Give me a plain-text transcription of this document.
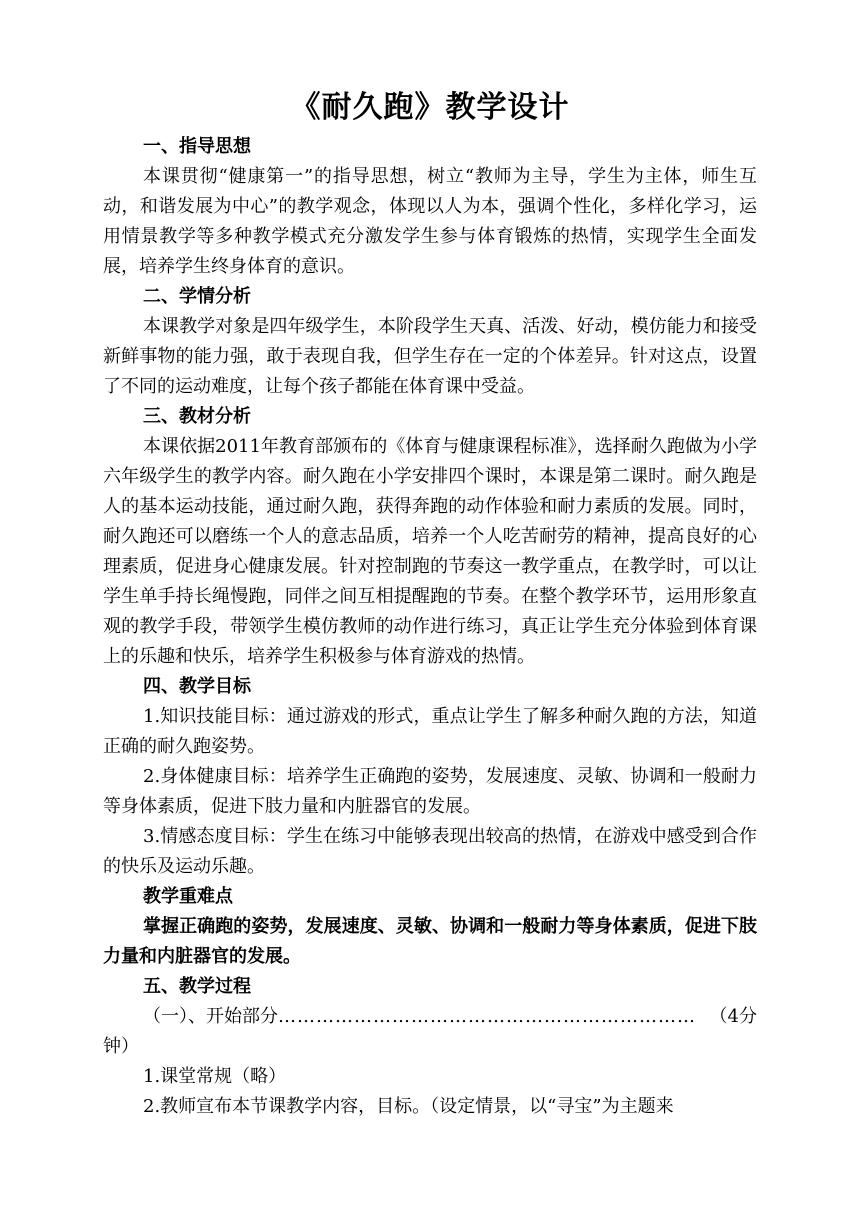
《耐久跑》教学设计
一、指导思想

本课贯彻“健康第一”的指导思想，树立“教师为主导，学生为主体，师生互动，和谐发展为中心”的教学观念，体现以人为本，强调个性化，多样化学习，运用情景教学等多种教学模式充分激发学生参与体育锻炼的热情，实现学生全面发展，培养学生终身体育的意识。

二、学情分析

本课教学对象是四年级学生，本阶段学生天真、活泼、好动，模仿能力和接受新鲜事物的能力强，敢于表现自我，但学生存在一定的个体差异。针对这点，设置了不同的运动难度，让每个孩子都能在体育课中受益。

三、教材分析

本课依据2011年教育部颁布的《体育与健康课程标准》，选择耐久跑做为小学六年级学生的教学内容。耐久跑在小学安排四个课时，本课是第二课时。耐久跑是人的基本运动技能，通过耐久跑，获得奔跑的动作体验和耐力素质的发展。同时，耐久跑还可以磨练一个人的意志品质，培养一个人吃苦耐劳的精神，提高良好的心理素质，促进身心健康发展。针对控制跑的节奏这一教学重点，在教学时，可以让学生单手持长绳慢跑，同伴之间互相提醒跑的节奏。在整个教学环节，运用形象直观的教学手段，带领学生模仿教师的动作进行练习，真正让学生充分体验到体育课上的乐趣和快乐，培养学生积极参与体育游戏的热情。

四、教学目标

1.知识技能目标：通过游戏的形式，重点让学生了解多种耐久跑的方法，知道正确的耐久跑姿势。

2.身体健康目标：培养学生正确跑的姿势，发展速度、灵敏、协调和一般耐力等身体素质，促进下肢力量和内脏器官的发展。

3.情感态度目标：学生在练习中能够表现出较高的热情，在游戏中感受到合作的快乐及运动乐趣。

教学重难点

掌握正确跑的姿势，发展速度、灵敏、协调和一般耐力等身体素质，促进下肢力量和内脏器官的发展。

五、教学过程
（一）、开始部分 ………………………………………………………… （4分
钟）

1.课堂常规（略）

2.教师宣布本节课教学内容，目标。（设定情景，以“寻宝”为主题来
